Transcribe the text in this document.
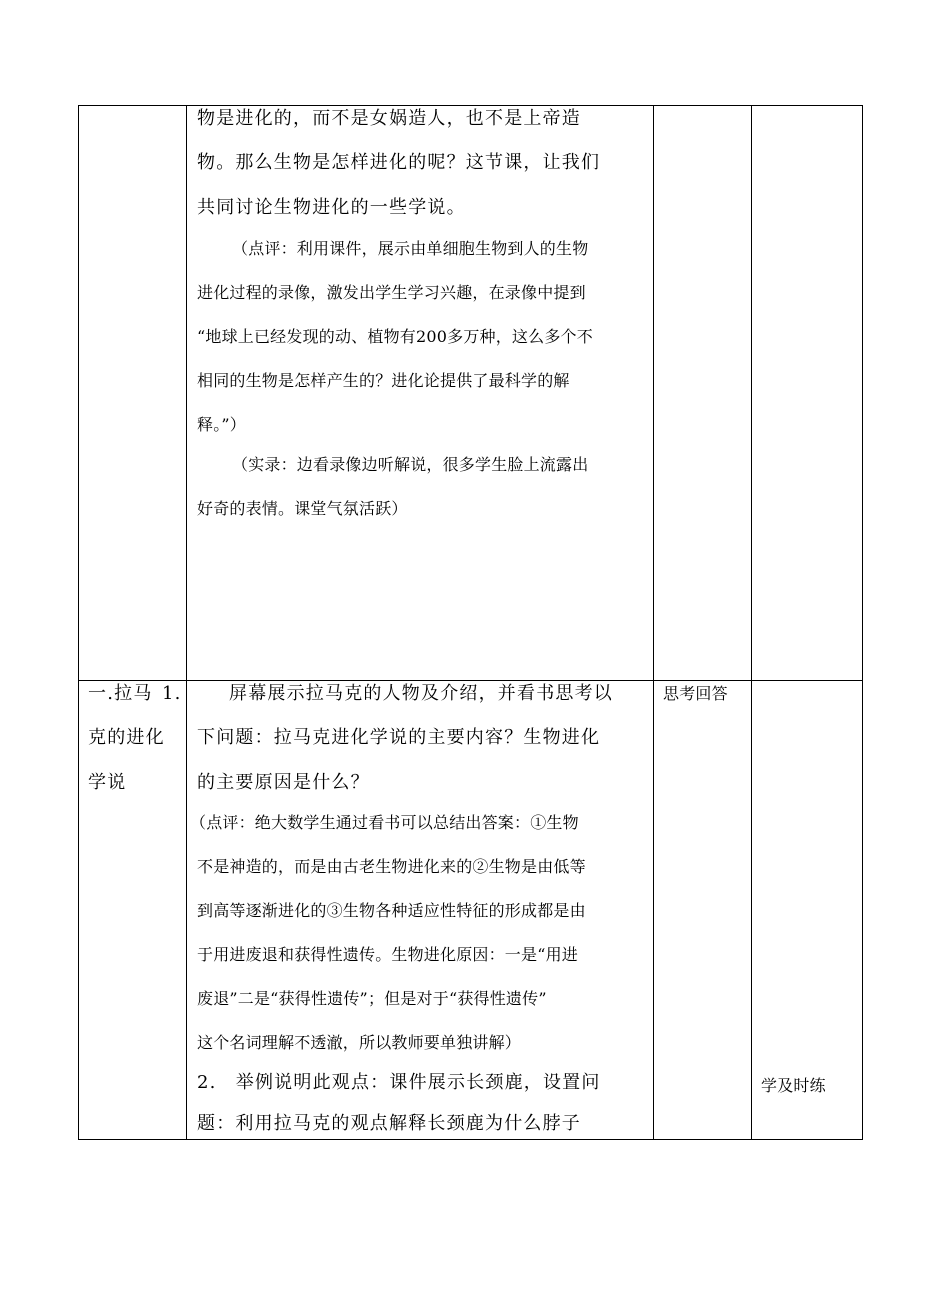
物是进化的，而不是女娲造人，也不是上帝造
物。那么生物是怎样进化的呢？这节课，让我们
共同讨论生物进化的一些学说。
（点评：利用课件，展示由单细胞生物到人的生物
进化过程的录像，激发出学生学习兴趣，在录像中提到
“地球上已经发现的动、植物有200多万种，这么多个不
相同的生物是怎样产生的？进化论提供了最科学的解
释。”）
（实录：边看录像边听解说，很多学生脸上流露出
好奇的表情。课堂气氛活跃）
一.拉马
克的进化
学说
1.	屏幕展示拉马克的人物及介绍，并看书思考以
下问题：拉马克进化学说的主要内容？生物进化
的主要原因是什么？
（点评：绝大数学生通过看书可以总结出答案：①生物
不是神造的，而是由古老生物进化来的②生物是由低等
到高等逐渐进化的③生物各种适应性特征的形成都是由
于用进废退和获得性遗传。生物进化原因：一是“用进
废退”二是“获得性遗传”；但是对于“获得性遗传”
这个名词理解不透澈，所以教师要单独讲解）
2.　举例说明此观点：课件展示长颈鹿，设置问
题：利用拉马克的观点解释长颈鹿为什么脖子
思考回答
学及时练
